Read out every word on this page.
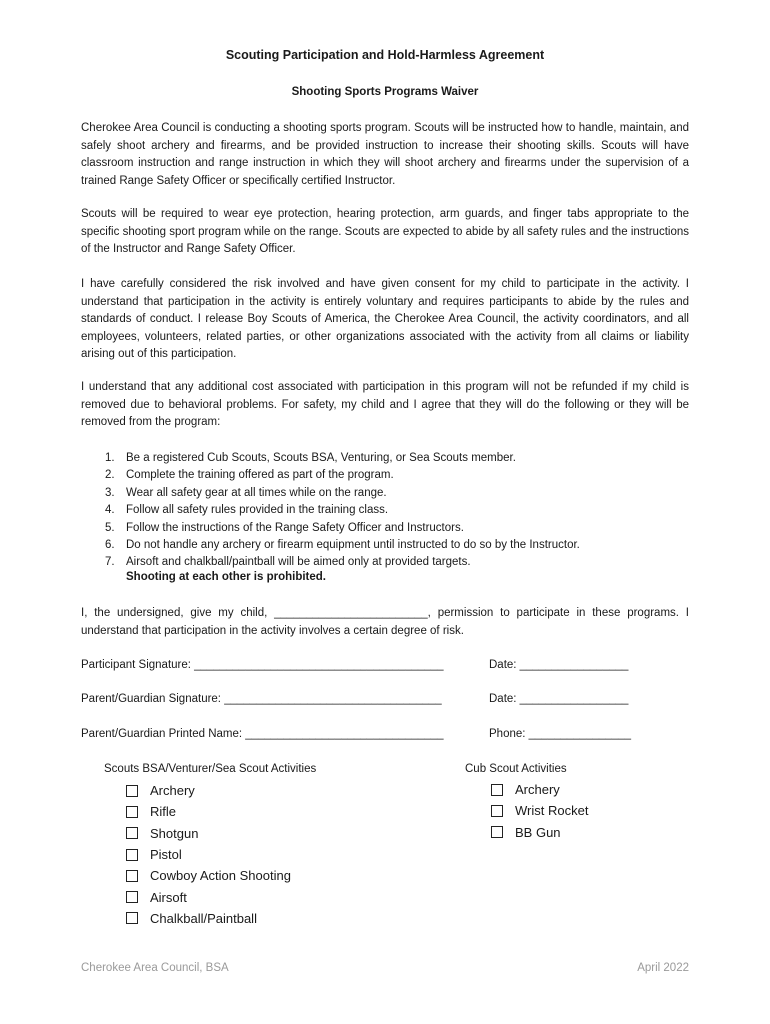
Scouting Participation and Hold-Harmless Agreement
Shooting Sports Programs Waiver

Cherokee Area Council is conducting a shooting sports program. Scouts will be instructed how to handle, maintain, and safely shoot archery and firearms, and be provided instruction to increase their shooting skills. Scouts will have classroom instruction and range instruction in which they will shoot archery and firearms under the supervision of a trained Range Safety Officer or specifically certified Instructor.

Scouts will be required to wear eye protection, hearing protection, arm guards, and finger tabs appropriate to the specific shooting sport program while on the range. Scouts are expected to abide by all safety rules and the instructions of the Instructor and Range Safety Officer.

I have carefully considered the risk involved and have given consent for my child to participate in the activity. I understand that participation in the activity is entirely voluntary and requires participants to abide by the rules and standards of conduct. I release Boy Scouts of America, the Cherokee Area Council, the activity coordinators, and all employees, volunteers, related parties, or other organizations associated with the activity from all claims or liability arising out of this participation.

I understand that any additional cost associated with participation in this program will not be refunded if my child is removed due to behavioral problems. For safety, my child and I agree that they will do the following or they will be removed from the program:

1. Be a registered Cub Scouts, Scouts BSA, Venturing, or Sea Scouts member.
2. Complete the training offered as part of the program.
3. Wear all safety gear at all times while on the range.
4. Follow all safety rules provided in the training class.
5. Follow the instructions of the Range Safety Officer and Instructors.
6. Do not handle any archery or firearm equipment until instructed to do so by the Instructor.
7. Airsoft and chalkball/paintball will be aimed only at provided targets.
Shooting at each other is prohibited.

I, the undersigned, give my child, ________________________, permission to participate in these programs. I understand that participation in the activity involves a certain degree of risk.

Participant Signature: _______________________________________	Date: _________________
Parent/Guardian Signature: __________________________________	Date: _________________
Parent/Guardian Printed Name: _______________________________	Phone: ________________
Scouts BSA/Venturer/Sea Scout Activities	Cub Scout Activities
Archery
Rifle
Shotgun
Pistol
Cowboy Action Shooting
Airsoft
Chalkball/Paintball
Archery
Wrist Rocket
BB Gun
Cherokee Area Council, BSA	April 2022
